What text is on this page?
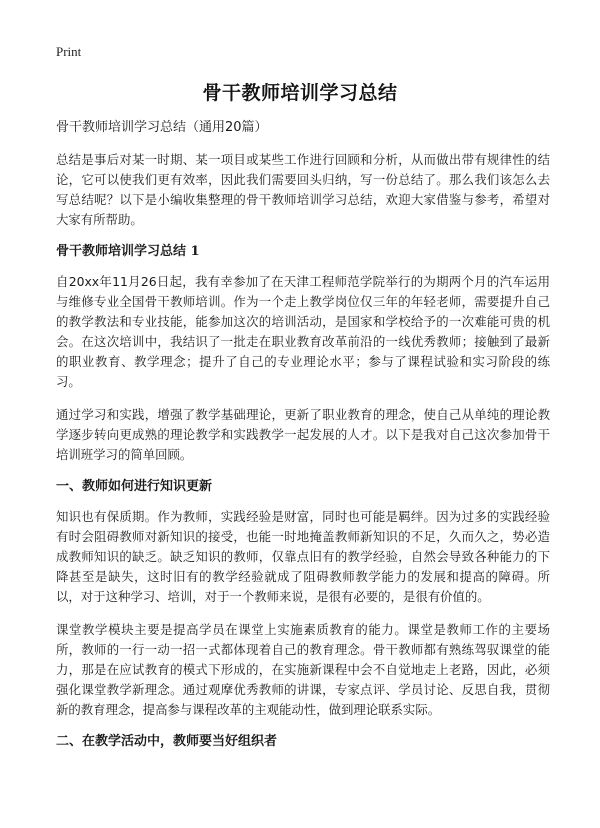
Print
骨干教师培训学习总结
骨干教师培训学习总结（通用20篇）

总结是事后对某一时期、某一项目或某些工作进行回顾和分析，从而做出带有规律性的结论，它可以使我们更有效率，因此我们需要回头归纳，写一份总结了。那么我们该怎么去写总结呢？以下是小编收集整理的骨干教师培训学习总结，欢迎大家借鉴与参考，希望对大家有所帮助。

骨干教师培训学习总结 1

自20xx年11月26日起，我有幸参加了在天津工程师范学院举行的为期两个月的汽车运用与维修专业全国骨干教师培训。作为一个走上教学岗位仅三年的年轻老师，需要提升自己的教学教法和专业技能，能参加这次的培训活动，是国家和学校给予的一次难能可贵的机会。在这次培训中，我结识了一批走在职业教育改革前沿的一线优秀教师；接触到了最新的职业教育、教学理念；提升了自己的专业理论水平；参与了课程试验和实习阶段的练习。

通过学习和实践，增强了教学基础理论，更新了职业教育的理念，使自己从单纯的理论教学逐步转向更成熟的理论教学和实践教学一起发展的人才。以下是我对自己这次参加骨干培训班学习的简单回顾。

一、教师如何进行知识更新

知识也有保质期。作为教师，实践经验是财富，同时也可能是羁绊。因为过多的实践经验有时会阻碍教师对新知识的接受，也能一时地掩盖教师新知识的不足，久而久之，势必造成教师知识的缺乏。缺乏知识的教师，仅靠点旧有的教学经验，自然会导致各种能力的下降甚至是缺失，这时旧有的教学经验就成了阻碍教师教学能力的发展和提高的障碍。所以，对于这种学习、培训，对于一个教师来说，是很有必要的，是很有价值的。

课堂教学模块主要是提高学员在课堂上实施素质教育的能力。课堂是教师工作的主要场所，教师的一行一动一招一式都体现着自己的教育理念。骨干教师都有熟练驾驭课堂的能力，那是在应试教育的模式下形成的，在实施新课程中会不自觉地走上老路，因此，必须强化课堂教学新理念。通过观摩优秀教师的讲课，专家点评、学员讨论、反思自我，贯彻新的教育理念，提高参与课程改革的主观能动性，做到理论联系实际。

二、在教学活动中，教师要当好组织者
